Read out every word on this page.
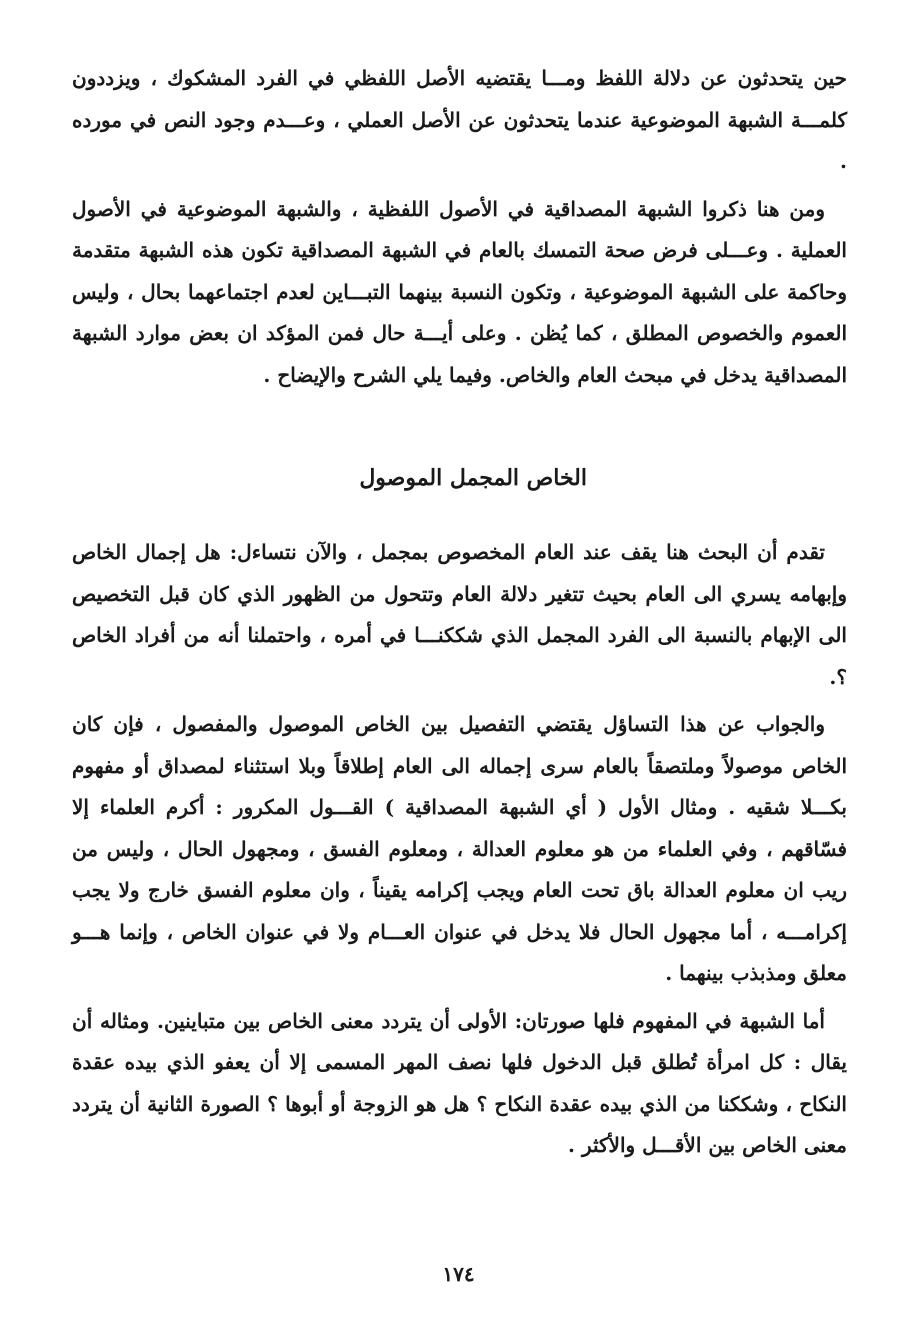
حين يتحدثون عن دلالة اللفظ ومـــا يقتضيه الأصل اللفظي في الفرد المشكوك ، ويزددون كلمـــة الشبهة الموضوعية عندما يتحدثون عن الأصل العملي ، وعـــدم وجود النص في مورده .

ومن هنا ذكروا الشبهة المصداقية في الأصول اللفظية ، والشبهة الموضوعية في الأصول العملية . وعـــلى فرض صحة التمسك بالعام في الشبهة المصداقية تكون هذه الشبهة متقدمة وحاكمة على الشبهة الموضوعية ، وتكون النسبة بينهما التبـــاين لعدم اجتماعهما بحال ، وليس العموم والخصوص المطلق ، كما يُظن . وعلى أيـــة حال فمن المؤكد ان بعض موارد الشبهة المصداقية يدخل في مبحث العام والخاص. وفيما يلي الشرح والإيضاح .

الخاص المجمل الموصول

تقدم أن البحث هنا يقف عند العام المخصوص بمجمل ، والآن نتساءل: هل إجمال الخاص وإبهامه يسري الى العام بحيث تتغير دلالة العام وتتحول من الظهور الذي كان قبل التخصيص الى الإبهام بالنسبة الى الفرد المجمل الذي شككنـــا في أمره ، واحتملنا أنه من أفراد الخاص ؟.

والجواب عن هذا التساؤل يقتضي التفصيل بين الخاص الموصول والمفصول ، فإن كان الخاص موصولاً وملتصقاً بالعام سرى إجماله الى العام إطلاقاً وبلا استثناء لمصداق أو مفهوم بكـــلا شقيه . ومثال الأول ( أي الشبهة المصداقية ) القـــول المكرور : أكرم العلماء إلا فسّاقهم ، وفي العلماء من هو معلوم العدالة ، ومعلوم الفسق ، ومجهول الحال ، وليس من ريب ان معلوم العدالة باق تحت العام ويجب إكرامه يقيناً ، وان معلوم الفسق خارج ولا يجب إكرامـــه ، أما مجهول الحال فلا يدخل في عنوان العـــام ولا في عنوان الخاص ، وإنما هـــو معلق ومذبذب بينهما .

أما الشبهة في المفهوم فلها صورتان: الأولى أن يتردد معنى الخاص بين متباينين. ومثاله أن يقال : كل امرأة تُطلق قبل الدخول فلها نصف المهر المسمى إلا أن يعفو الذي بيده عقدة النكاح ، وشككنا من الذي بيده عقدة النكاح ؟ هل هو الزوجة أو أبوها ؟ الصورة الثانية أن يتردد معنى الخاص بين الأقـــل والأكثر .

١٧٤
